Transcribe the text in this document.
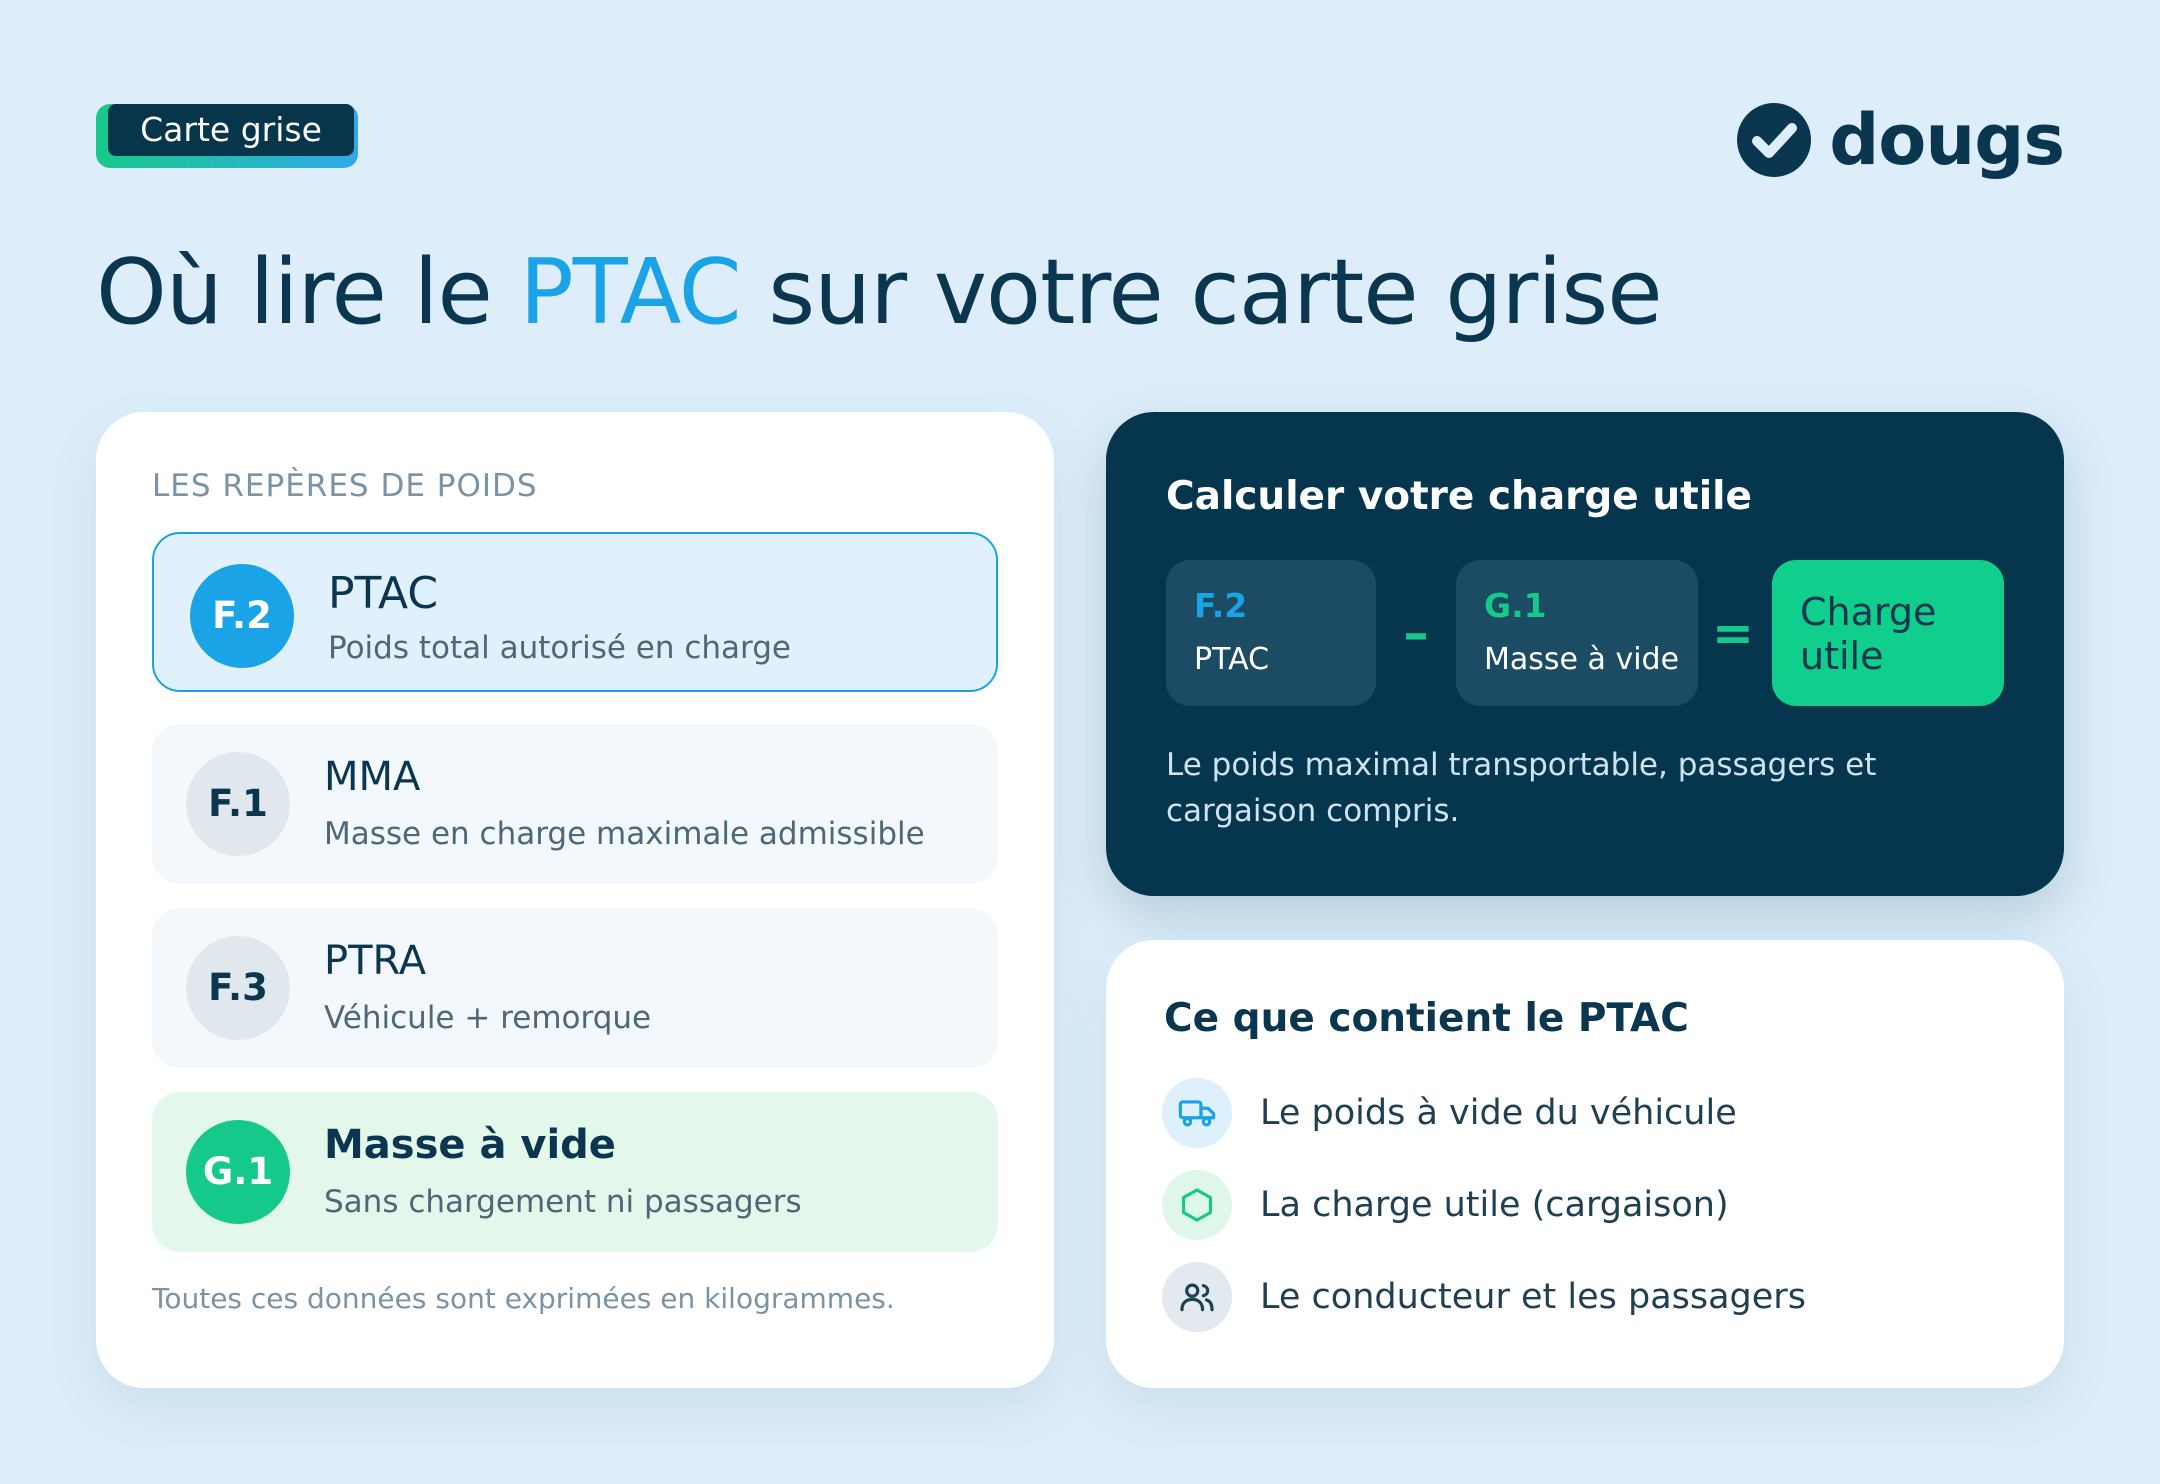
Carte grise	dougs
Où lire le PTAC sur votre carte grise
LES REPÈRES DE POIDS
F.2	PTAC
Poids total autorisé en charge
F.1
MMA
Masse en charge maximale admissible
F.3
PTRA
Véhicule + remorque
G.1
Masse à vide
Sans chargement ni passagers
Toutes ces données sont exprimées en kilogrammes.
Calculer votre charge utile
F.2
PTAC	– G.1
Masse à vide = Charge utile
Le poids maximal transportable, passagers et cargaison compris.
Ce que contient le PTAC
Le poids à vide du véhicule
La charge utile (cargaison)
Le conducteur et les passagers
